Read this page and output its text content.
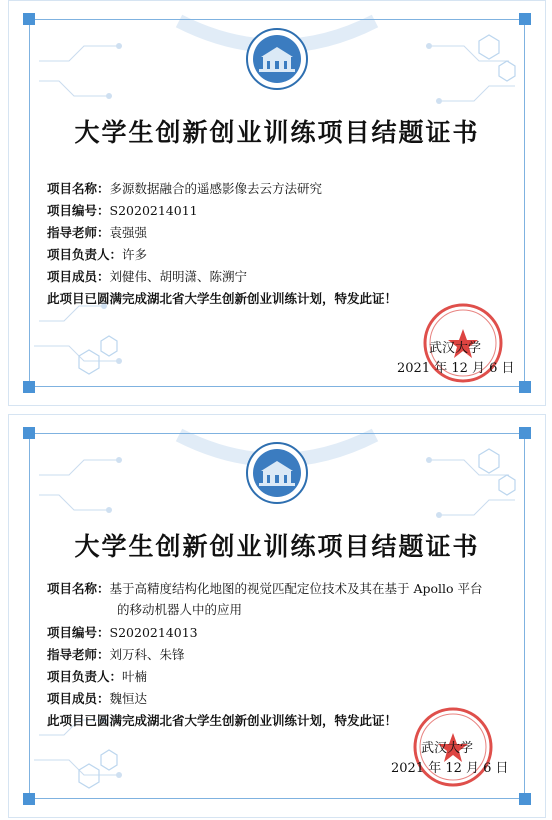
大学生创新创业训练项目结题证书
项目名称：多源数据融合的遥感影像去云方法研究
项目编号：S2020214011
指导老师：袁强强
项目负责人：许多
项目成员：刘健伟、胡明潇、陈溯宁
此项目已圆满完成湖北省大学生创新创业训练计划，特发此证！
武汉大学
2021 年 12 月 6 日
大学生创新创业训练项目结题证书
项目名称：基于高精度结构化地图的视觉匹配定位技术及其在基于 Apollo 平台
的移动机器人中的应用
项目编号：S2020214013
指导老师：刘万科、朱锋
项目负责人：叶楠
项目成员：魏恒达
此项目已圆满完成湖北省大学生创新创业训练计划，特发此证！
武汉大学
2021 年 12 月 6 日
